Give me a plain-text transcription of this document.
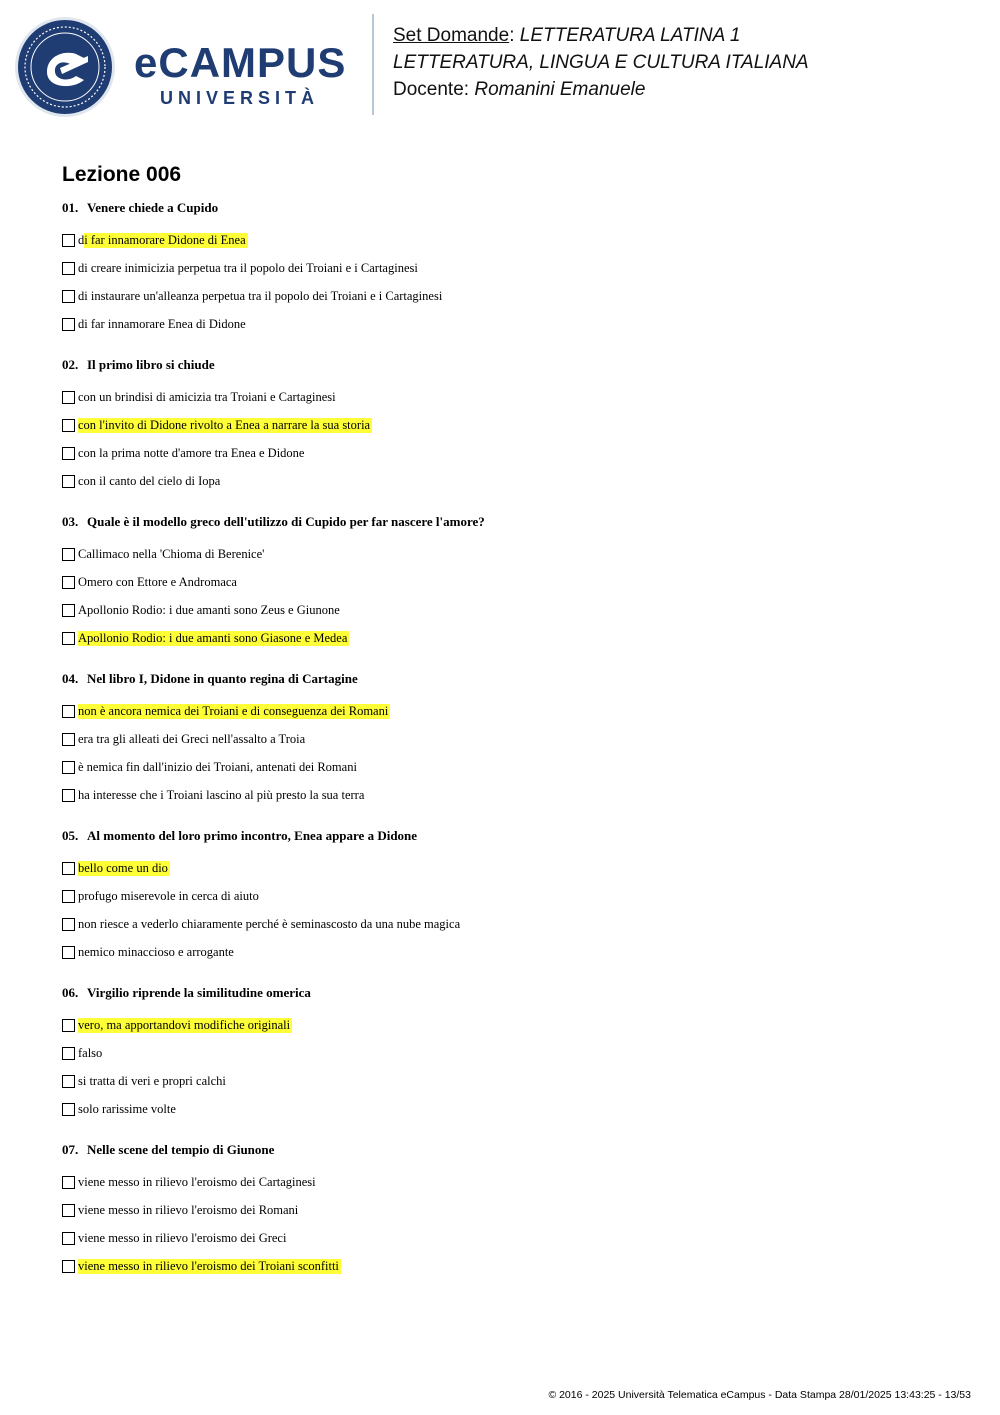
eCAMPUS
UNIVERSITÀ
Set Domande: LETTERATURA LATINA 1
LETTERATURA, LINGUA E CULTURA ITALIANA
Docente: Romanini Emanuele
Lezione 006
01. Venere chiede a Cupido
d i far innamorare Didone di Enea
di creare inimicizia perpetua tra il popolo dei Troiani e i Cartaginesi
di instaurare un'alleanza perpetua tra il popolo dei Troiani e i Cartaginesi
di far innamorare Enea di Didone
02. Il primo libro si chiude
con un brindisi di amicizia tra Troiani e Cartaginesi
con l'invito di Didone rivolto a Enea a narrare la sua storia
con la prima notte d'amore tra Enea e Didone
con il canto del cielo di Iopa
03. Quale è il modello greco dell'utilizzo di Cupido per far nascere l'amore?
Callimaco nella 'Chioma di Berenice'
Omero con Ettore e Andromaca
Apollonio Rodio: i due amanti sono Zeus e Giunone
Apollonio Rodio: i due amanti sono Giasone e Medea
04. Nel libro I, Didone in quanto regina di Cartagine
non è ancora nemica dei Troiani e di conseguenza dei Romani
era tra gli alleati dei Greci nell'assalto a Troia
è nemica fin dall'inizio dei Troiani, antenati dei Romani
ha interesse che i Troiani lascino al più presto la sua terra
05. Al momento del loro primo incontro, Enea appare a Didone
bello come un dio
profugo miserevole in cerca di aiuto
non riesce a vederlo chiaramente perché è seminascosto da una nube magica
nemico minaccioso e arrogante
06. Virgilio riprende la similitudine omerica
vero, ma apportandovi modifiche originali
falso
si tratta di veri e propri calchi
solo rarissime volte
07. Nelle scene del tempio di Giunone
viene messo in rilievo l'eroismo dei Cartaginesi
viene messo in rilievo l'eroismo dei Romani
viene messo in rilievo l'eroismo dei Greci
viene messo in rilievo l'eroismo dei Troiani sconfitti
© 2016 - 2025 Università Telematica eCampus - Data Stampa 28/01/2025 13:43:25 - 13/53
